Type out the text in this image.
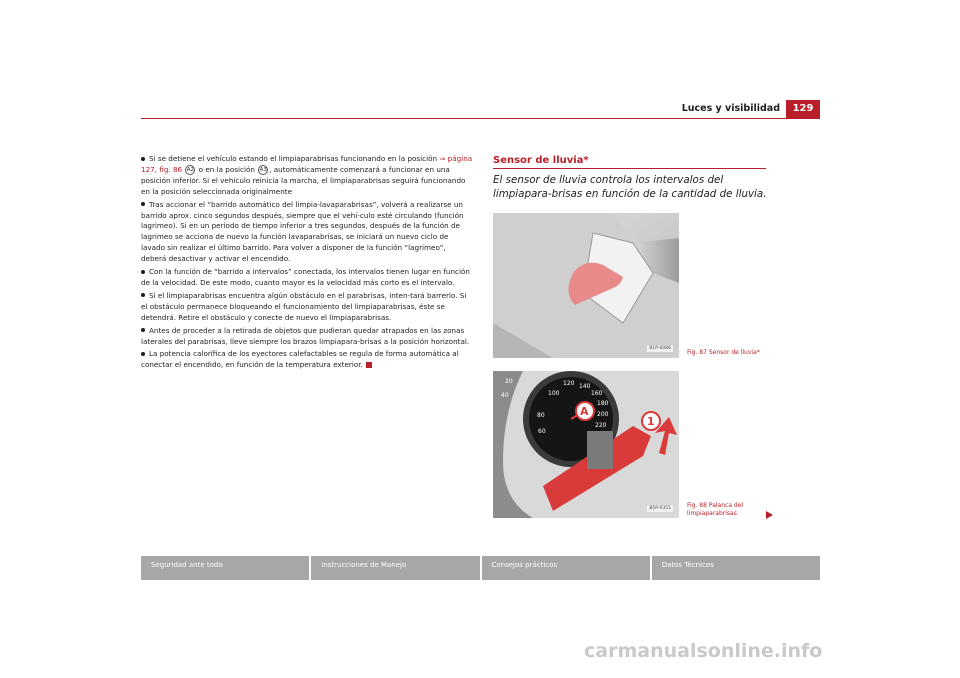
Luces y visibilidad	129
Si se detiene el vehículo estando el limpiaparabrisas funcionando en la posición ⇒ página 127, fig. 86 A2 o en la posición A3 , automáticamente comenzará a funcionar en una posición inferior. Si el vehículo reinicia la marcha, el limpiaparabrisas seguirá funcionando en la posición seleccionada originalmente
Tras accionar el “barrido automático del limpia-lavaparabrisas”, volverá a realizarse un barrido aprox. cinco segundos después, siempre que el vehí-culo esté circulando (función lagrimeo). Si en un período de tiempo inferior a tres segundos, después de la función de lagrimeo se acciona de nuevo la función lavaparabrisas, se iniciará un nuevo ciclo de lavado sin realizar el último barrido. Para volver a disponer de la función “lagrimeo”, deberá desactivar y activar el encendido.
Con la función de “barrido a intervalos” conectada, los intervalos tienen lugar en función de la velocidad. De este modo, cuanto mayor es la velocidad más corto es el intervalo.
Si el limpiaparabrisas encuentra algún obstáculo en el parabrisas, inten-tará barrerlo. Si el obstáculo permanece bloqueando el funcionamiento del limpiaparabrisas, éste se detendrá. Retire el obstáculo y conecte de nuevo el limpiaparabrisas.
Antes de proceder a la retirada de objetos que pudieran quedar atrapados en las zonas laterales del parabrisas, lleve siempre los brazos limpiapara-brisas a la posición horizontal.
La potencia calorífica de los eyectores calefactables se regula de forma automática al conectar el encendido, en función de la temperatura exterior.
Sensor de lluvia*
El sensor de lluvia controla los intervalos del limpiapara-brisas en función de la cantidad de lluvia.
B1P-0086
Fig. 87 Sensor de lluvia*
80
60
100
120 140
160
180
200
220
20
40
A
1
B5P-0351	Fig. 88 Palanca del limpiaparabrisas
Seguridad ante todo	Instrucciones de Manejo	Consejos prácticos	Datos Técnicos
carmanualsonline.info
